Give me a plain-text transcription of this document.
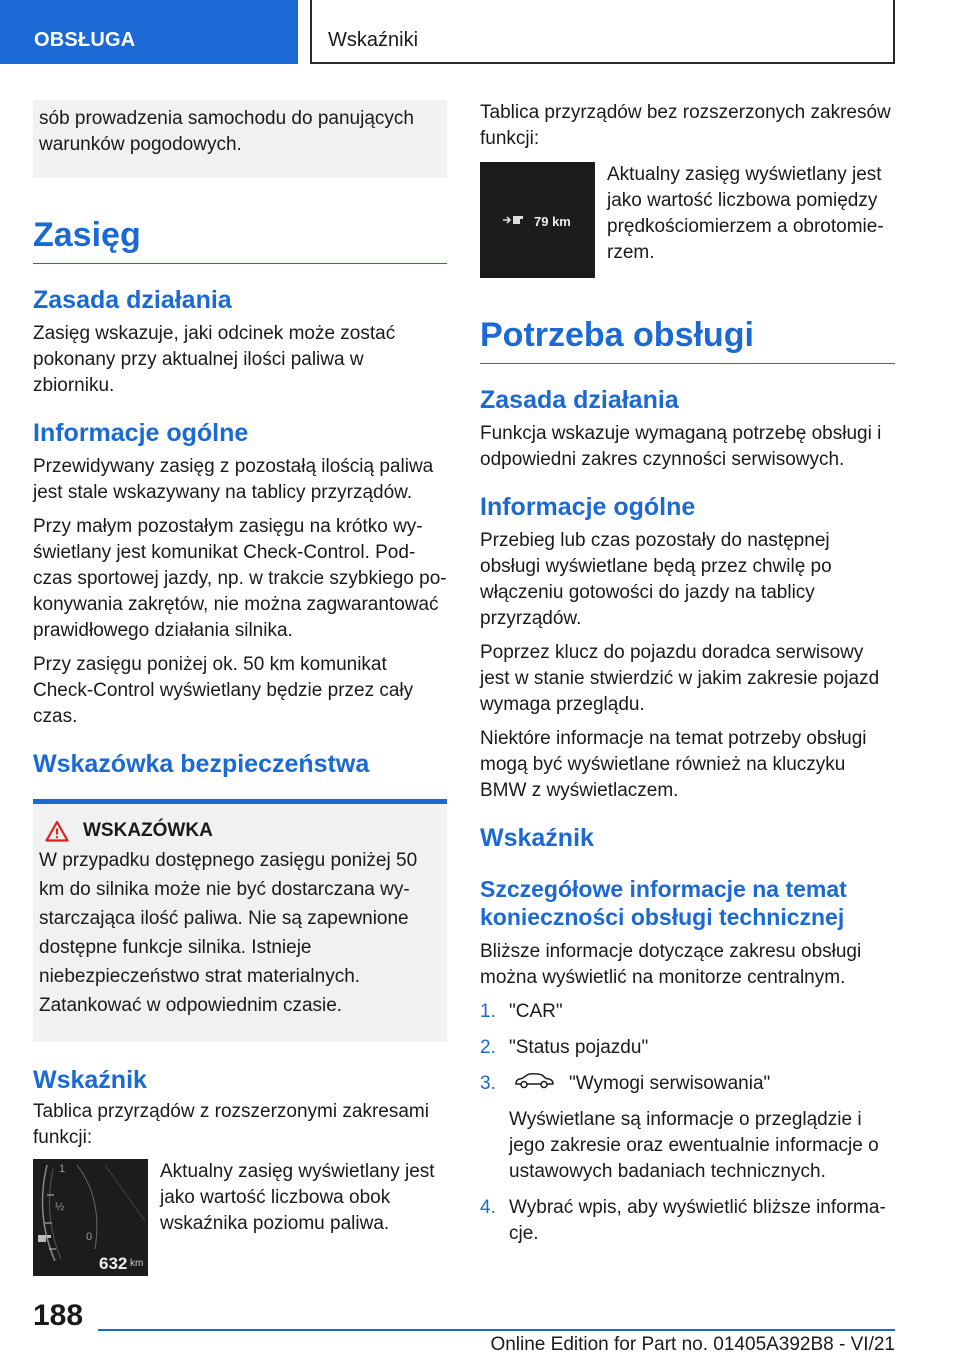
OBSŁUGA	Wskaźniki

sób prowadzenia samochodu do panujących warunków pogodowych.

Zasięg
Zasada działania

Zasięg wskazuje, jaki odcinek może zostać pokonany przy aktualnej ilości paliwa w zbiorniku.

Informacje ogólne

Przewidywany zasięg z pozostałą ilością paliwa jest stale wskazywany na tablicy przyrządów.

Przy małym pozostałym zasięgu na krótko wyświetlany jest komunikat Check-Control. Podczas sportowej jazdy, np. w trakcie szybkiego pokonywania zakrętów, nie można zagwarantować prawidłowego działania silnika.

Przy zasięgu poniżej ok. 50 km komunikat Check-Control wyświetlany będzie przez cały czas.

Wskazówka bezpieczeństwa
WSKAZÓWKA

W przypadku dostępnego zasięgu poniżej 50 km do silnika może nie być dostarczana wystarczająca ilość paliwa. Nie są zapewnione dostępne funkcje silnika. Istnieje niebezpieczeństwo strat materialnych. Zatankować w odpowiednim czasie.

Wskaźnik

Tablica przyrządów z rozszerzonymi zakresami funkcji:

1
½
0
632 km

Aktualny zasięg wyświetlany jest jako wartość liczbowa obok wskaźnika poziomu paliwa.

Tablica przyrządów bez rozszerzonych zakresów funkcji:

79 km

Aktualny zasięg wyświetlany jest jako wartość liczbowa pomiędzy prędkościomierzem a obrotomierzem.

Potrzeba obsługi
Zasada działania

Funkcja wskazuje wymaganą potrzebę obsługi i odpowiedni zakres czynności serwisowych.

Informacje ogólne

Przebieg lub czas pozostały do następnej obsługi wyświetlane będą przez chwilę po włączeniu gotowości do jazdy na tablicy przyrządów.

Poprzez klucz do pojazdu doradca serwisowy jest w stanie stwierdzić w jakim zakresie pojazd wymaga przeglądu.

Niektóre informacje na temat potrzeby obsługi mogą być wyświetlane również na kluczyku BMW z wyświetlaczem.

Wskaźnik
Szczegółowe informacje na temat konieczności obsługi technicznej

Bliższe informacje dotyczące zakresu obsługi można wyświetlić na monitorze centralnym.

1. "CAR"
2. "Status pojazdu"
3.	"Wymogi serwisowania"
Wyświetlane są informacje o przeglądzie i jego zakresie oraz ewentualnie informacje o ustawowych badaniach technicznych.
4. Wybrać wpis, aby wyświetlić bliższe informacje.
188
Online Edition for Part no. 01405A392B8 - VI/21
